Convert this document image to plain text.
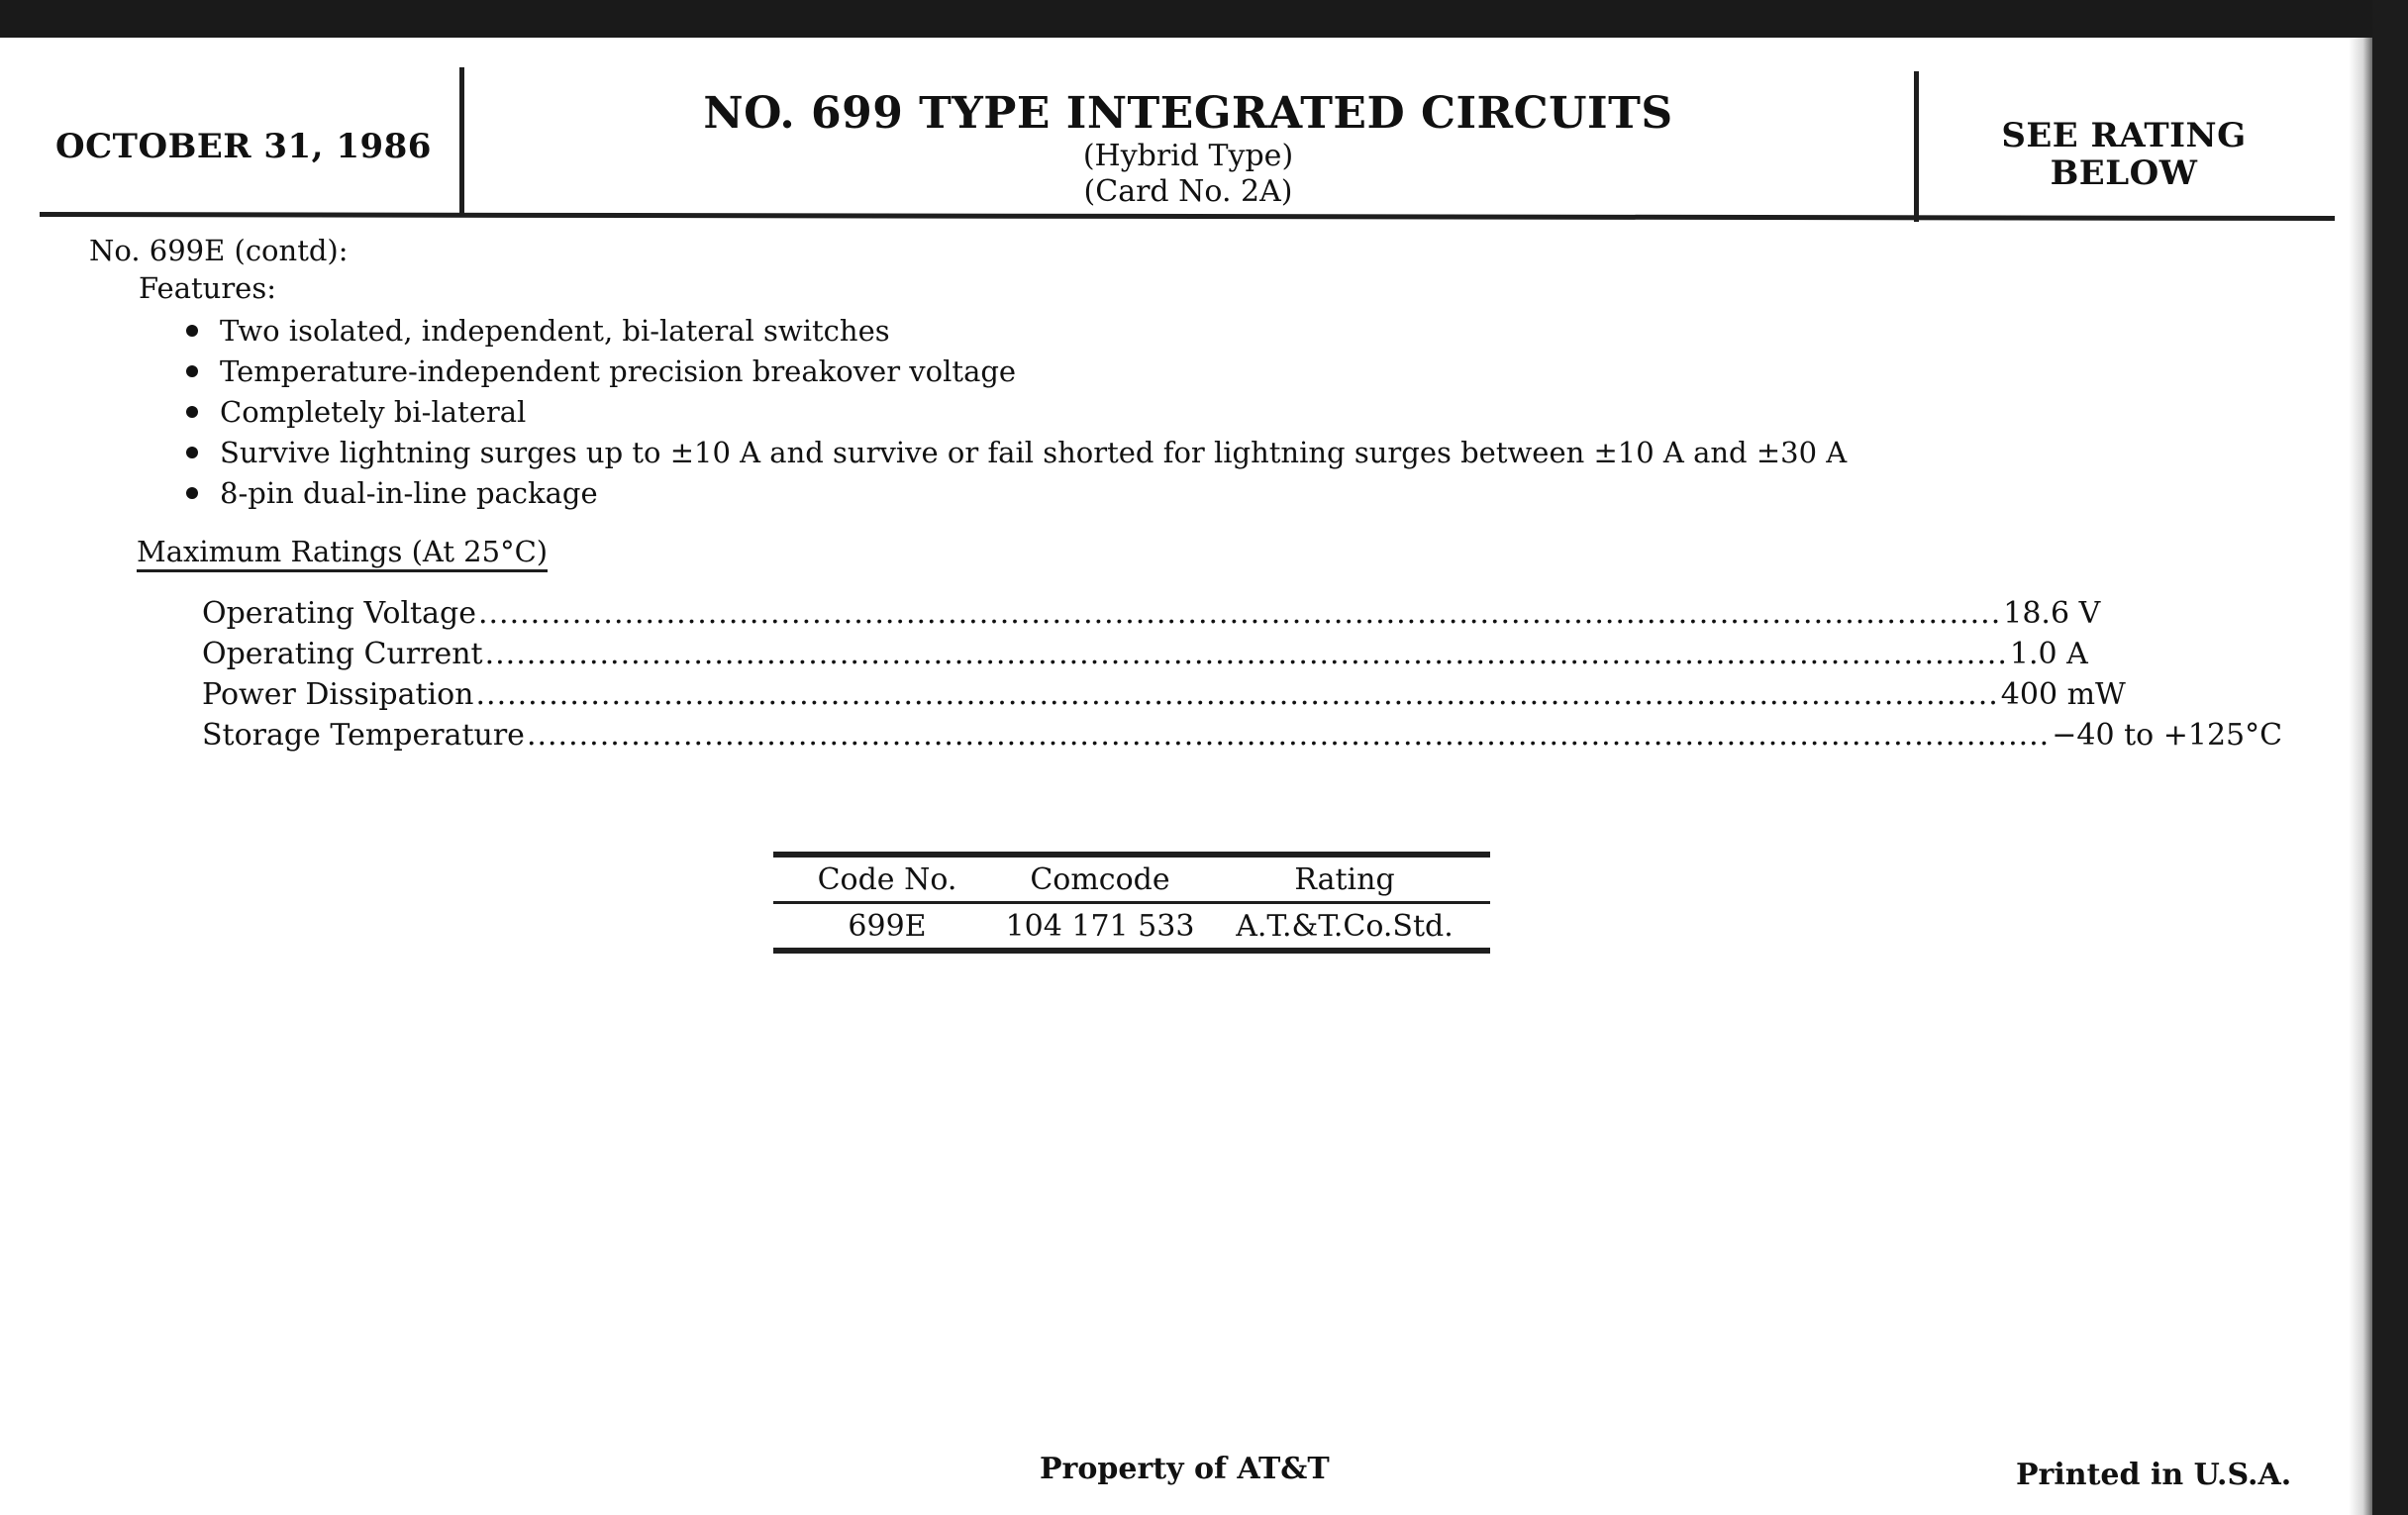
OCTOBER 31, 1986
NO. 699 TYPE INTEGRATED CIRCUITS
(Hybrid Type)
(Card No. 2A)
SEE RATING
BELOW
No. 699E (contd):
Features:
Two isolated, independent, bi-lateral switches
Temperature-independent precision breakover voltage
Completely bi-lateral
Survive lightning surges up to ±10 A and survive or fail shorted for lightning surges between ±10 A and ±30 A
8-pin dual-in-line package
Maximum Ratings (At 25°C)
Operating Voltage .................................................................................................................................................. 18.6 V
Operating Current .................................................................................................................................................. 1.0 A
Power Dissipation .................................................................................................................................................. 400 mW
Storage Temperature .................................................................................................................................................. −40 to +125°C
Code No.	Comcode	Rating
699E	104 171 533	A.T.&T.Co.Std.
Property of AT&T	Printed in U.S.A.
